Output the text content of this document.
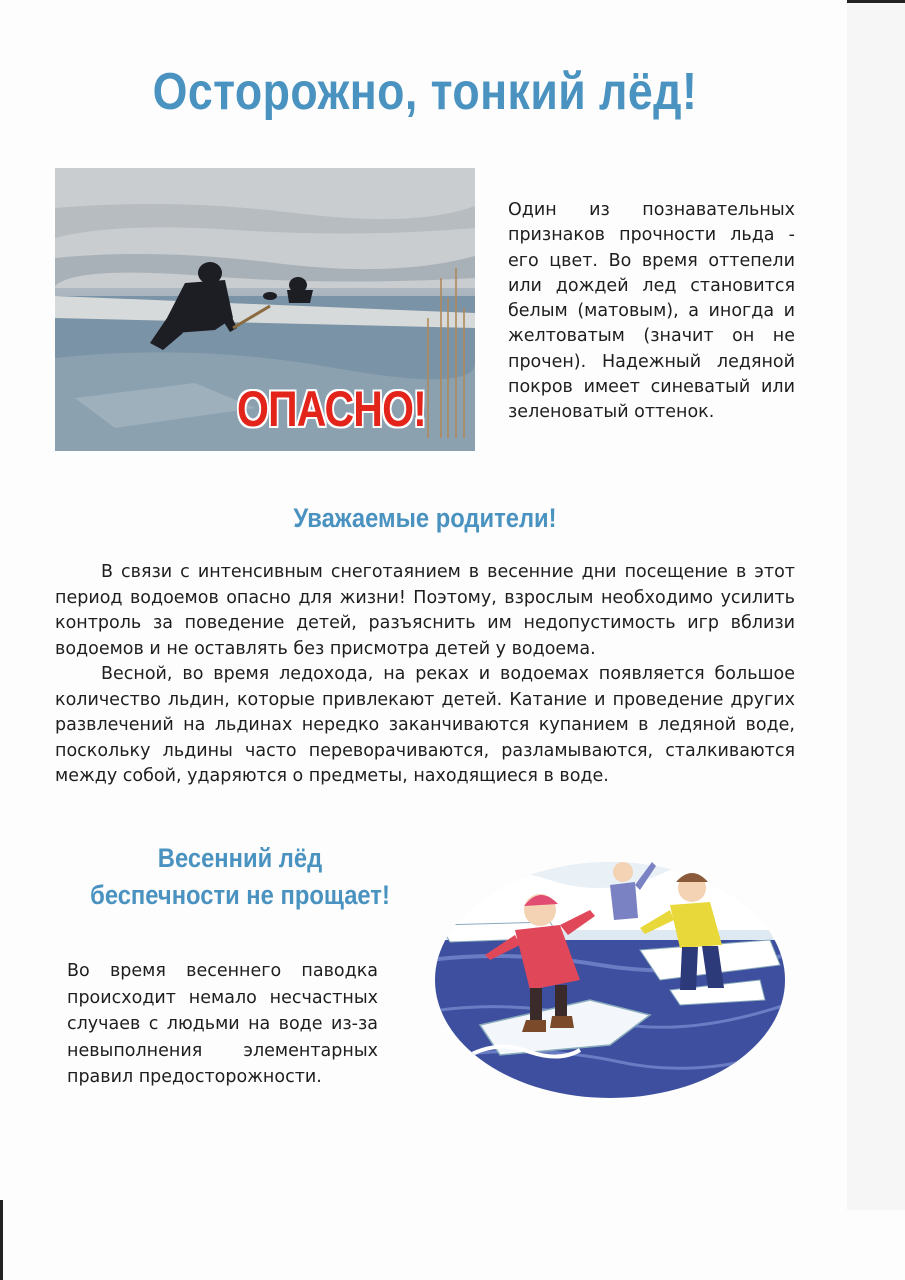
Осторожно, тонкий лёд!
ОПАСНО!
Один из познавательных признаков прочности льда - его цвет. Во время оттепели или дождей лед становится белым (матовым), а иногда и желтоватым (значит он не прочен). Надежный ледяной покров имеет синеватый или зеленоватый оттенок.
Уважаемые родители!

В связи с интенсивным снеготаянием в весенние дни посещение в этот период водоемов опасно для жизни! Поэтому, взрослым необходимо усилить контроль за поведение детей, разъяснить им недопустимость игр вблизи водоемов и не оставлять без присмотра детей у водоема.

Весной, во время ледохода, на реках и водоемах появляется большое количество льдин, которые привлекают детей. Катание и проведение других развлечений на льдинах нередко заканчиваются купанием в ледяной воде, поскольку льдины часто переворачиваются, разламываются, сталкиваются между собой, ударяются о предметы, находящиеся в воде.

Весенний лёд
беспечности не прощает!
Во время весеннего паводка происходит немало несчастных случаев с людьми на воде из-за невыполнения элементарных правил предосторожности.
